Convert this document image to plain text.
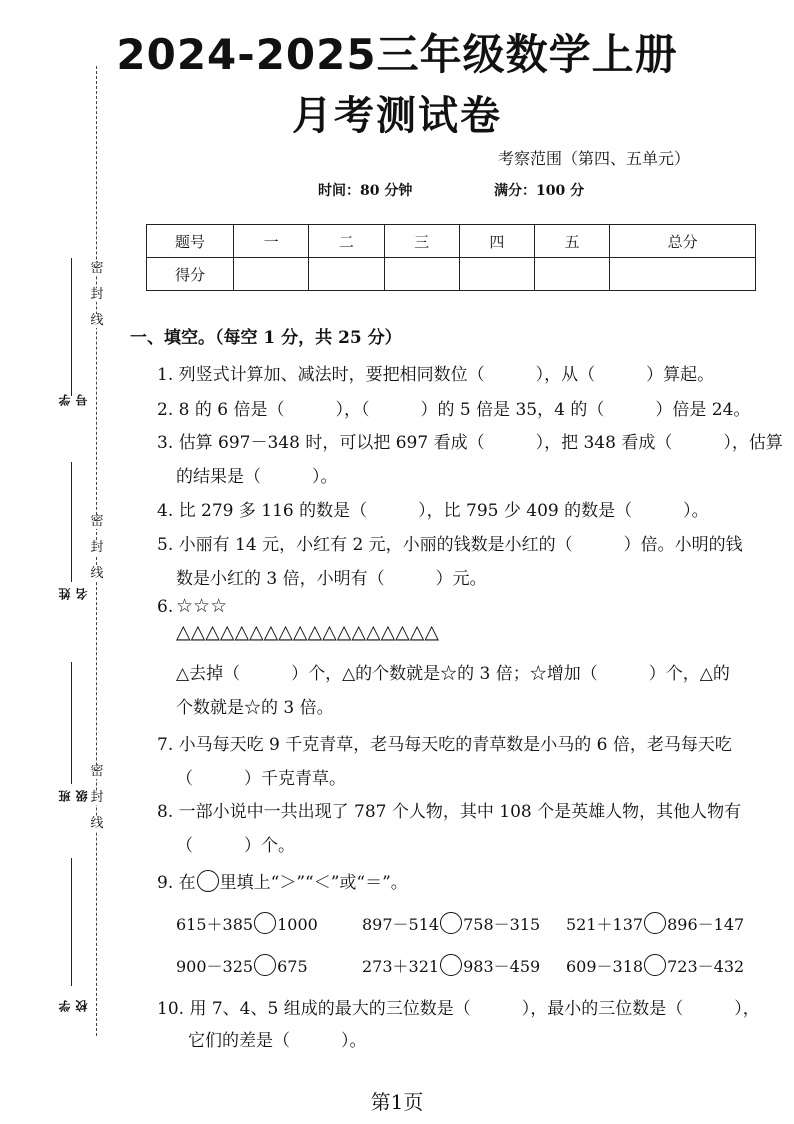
2024-2025三年级数学上册
月考测试卷
考察范围（第四、五单元）
时间：80 分钟	满分：100 分
题号	一	二	三	四	五	总分
得分						
密
封
线
密
封
线
密
封
线
学号
姓名
班级
学校
一、填空。（每空 1 分，共 25 分）
1. 列竖式计算加、减法时，要把相同数位（　　　），从（　　　）算起。
2. 8 的 6 倍是（　　　），（　　　）的 5 倍是 35，4 的（　　　）倍是 24。
3. 估算 697－348 时，可以把 697 看成（　　　），把 348 看成（　　　），估算
的结果是（　　　）。
4. 比 279 多 116 的数是（　　　），比 795 少 409 的数是（　　　）。
5. 小丽有 14 元，小红有 2 元，小丽的钱数是小红的（　　　）倍。小明的钱
数是小红的 3 倍，小明有（　　　）元。
6. ☆☆☆
△△△△△△△△△△△△△△△△△△
△去掉（　　　）个，△的个数就是☆的 3 倍；☆增加（　　　）个，△的
个数就是☆的 3 倍。
7. 小马每天吃 9 千克青草，老马每天吃的青草数是小马的 6 倍，老马每天吃
（　　　）千克青草。
8. 一部小说中一共出现了 787 个人物，其中 108 个是英雄人物，其他人物有
（　　　）个。
9. 在 里填上“＞”“＜”或“＝”。
615＋385 1000	897－514 758－315 521＋137 896－147
900－325 675	273＋321 983－459 609－318 723－432
10. 用 7、4、5 组成的最大的三位数是（　　　），最小的三位数是（　　　），
它们的差是（　　　）。
第1页
